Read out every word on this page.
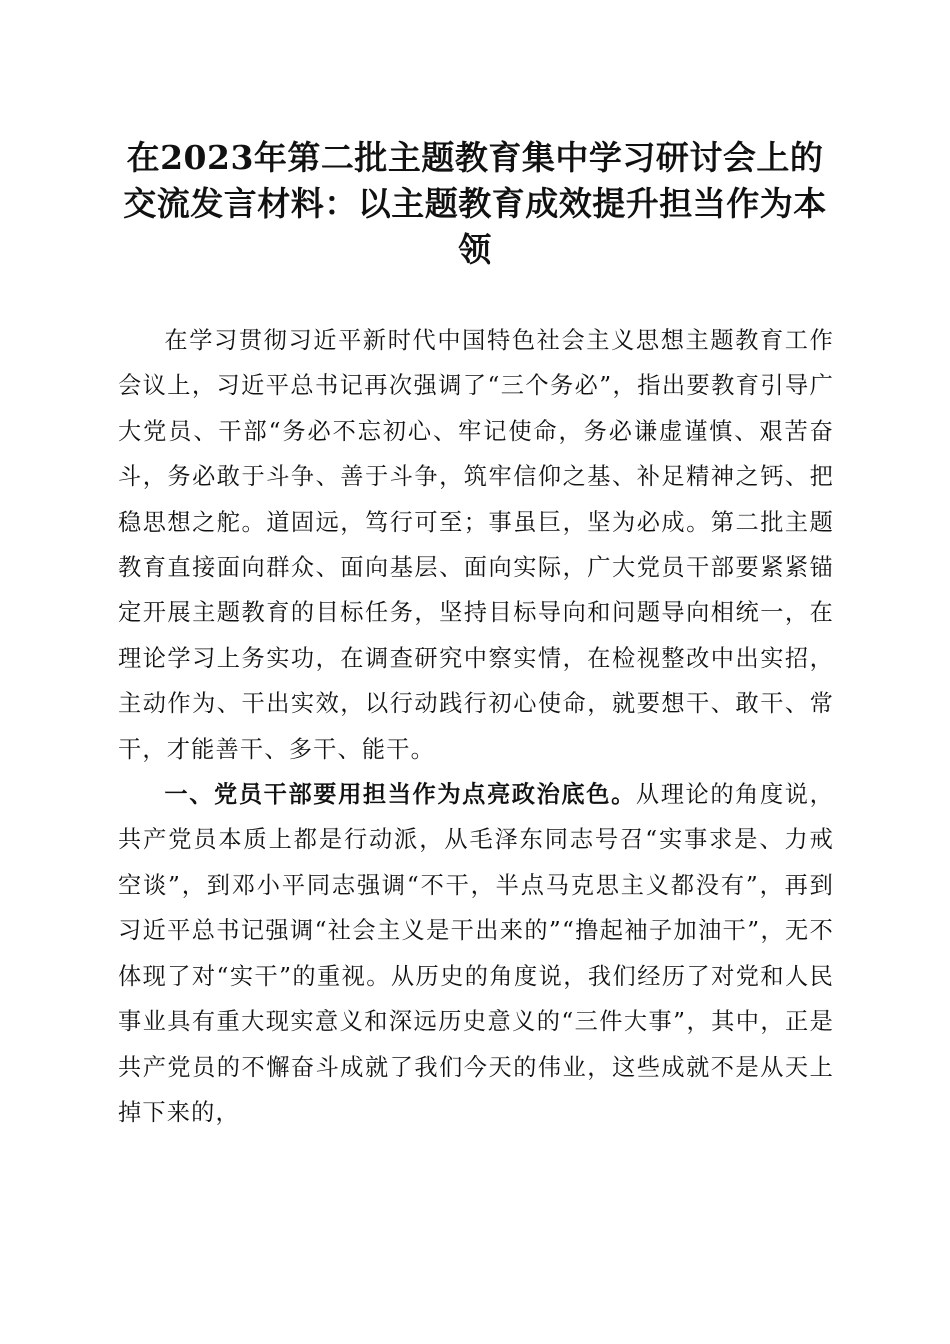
在2023年第二批主题教育集中学习研讨会上的交流发言材料：以主题教育成效提升担当作为本领

在学习贯彻习近平新时代中国特色社会主义思想主题教育工作会议上，习近平总书记再次强调了“三个务必”，指出要教育引导广大党员、干部“务必不忘初心、牢记使命，务必谦虚谨慎、艰苦奋斗，务必敢于斗争、善于斗争，筑牢信仰之基、补足精神之钙、把稳思想之舵。道固远，笃行可至；事虽巨，坚为必成。第二批主题教育直接面向群众、面向基层、面向实际，广大党员干部要紧紧锚定开展主题教育的目标任务，坚持目标导向和问题导向相统一，在理论学习上务实功，在调查研究中察实情，在检视整改中出实招，主动作为、干出实效，以行动践行初心使命，就要想干、敢干、常干，才能善干、多干、能干。

一、党员干部要用担当作为点亮政治底色。从理论的角度说，共产党员本质上都是行动派，从毛泽东同志号召“实事求是、力戒空谈”，到邓小平同志强调“不干，半点马克思主义都没有”，再到习近平总书记强调“社会主义是干出来的”“撸起袖子加油干”，无不体现了对“实干”的重视。从历史的角度说，我们经历了对党和人民事业具有重大现实意义和深远历史意义的“三件大事”，其中，正是共产党员的不懈奋斗成就了我们今天的伟业，这些成就不是从天上掉下来的，
